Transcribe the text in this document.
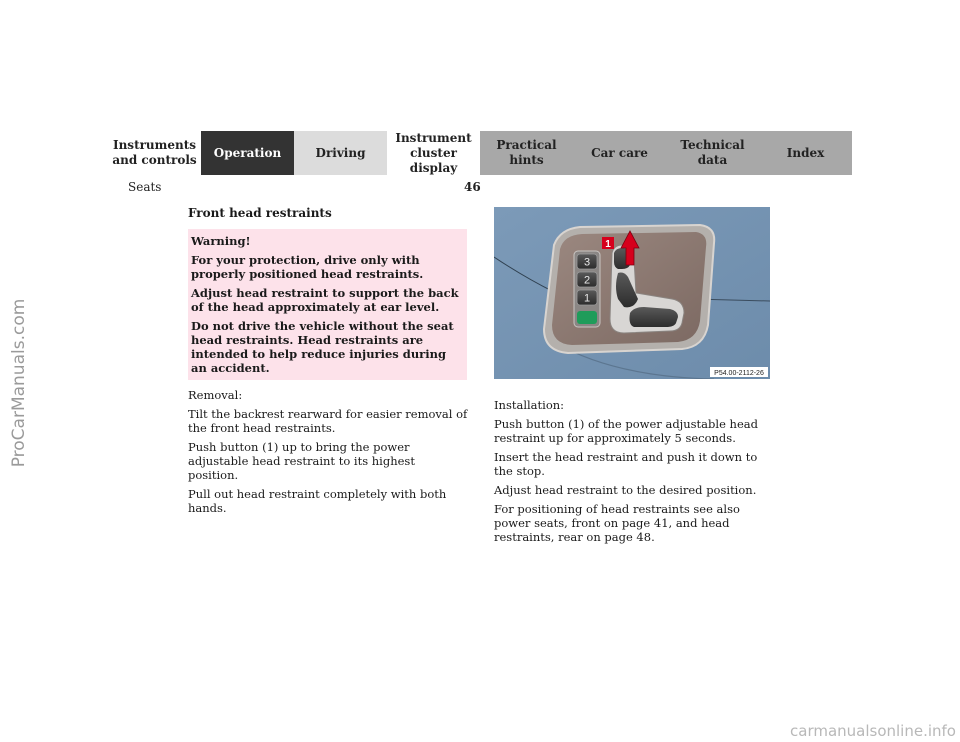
ProCarManuals.com
Instruments
and controls
Operation	Driving
Instrument
cluster display
Practical hints
Car care
Technical
data
Index
Seats	46
Front head restraints

Warning!

For your protection, drive only with properly positioned head restraints.

Adjust head restraint to support the back of the head approximately at ear level.

Do not drive the vehicle without the seat head restraints. Head restraints are intended to help reduce injuries during an accident.

Removal:

Tilt the backrest rearward for easier removal of the front head restraints.

Push button (1) up to bring the power adjustable head restraint to its highest position.

Pull out head restraint completely with both hands.

3
2
1
1
P54.00-2112-26

Installation:

Push button (1) of the power adjustable head restraint up for approximately 5 seconds.

Insert the head restraint and push it down to the stop.

Adjust head restraint to the desired position.

For positioning of head restraints see also power seats, front on page 41, and head restraints, rear on page 48.

carmanualsonline.info
